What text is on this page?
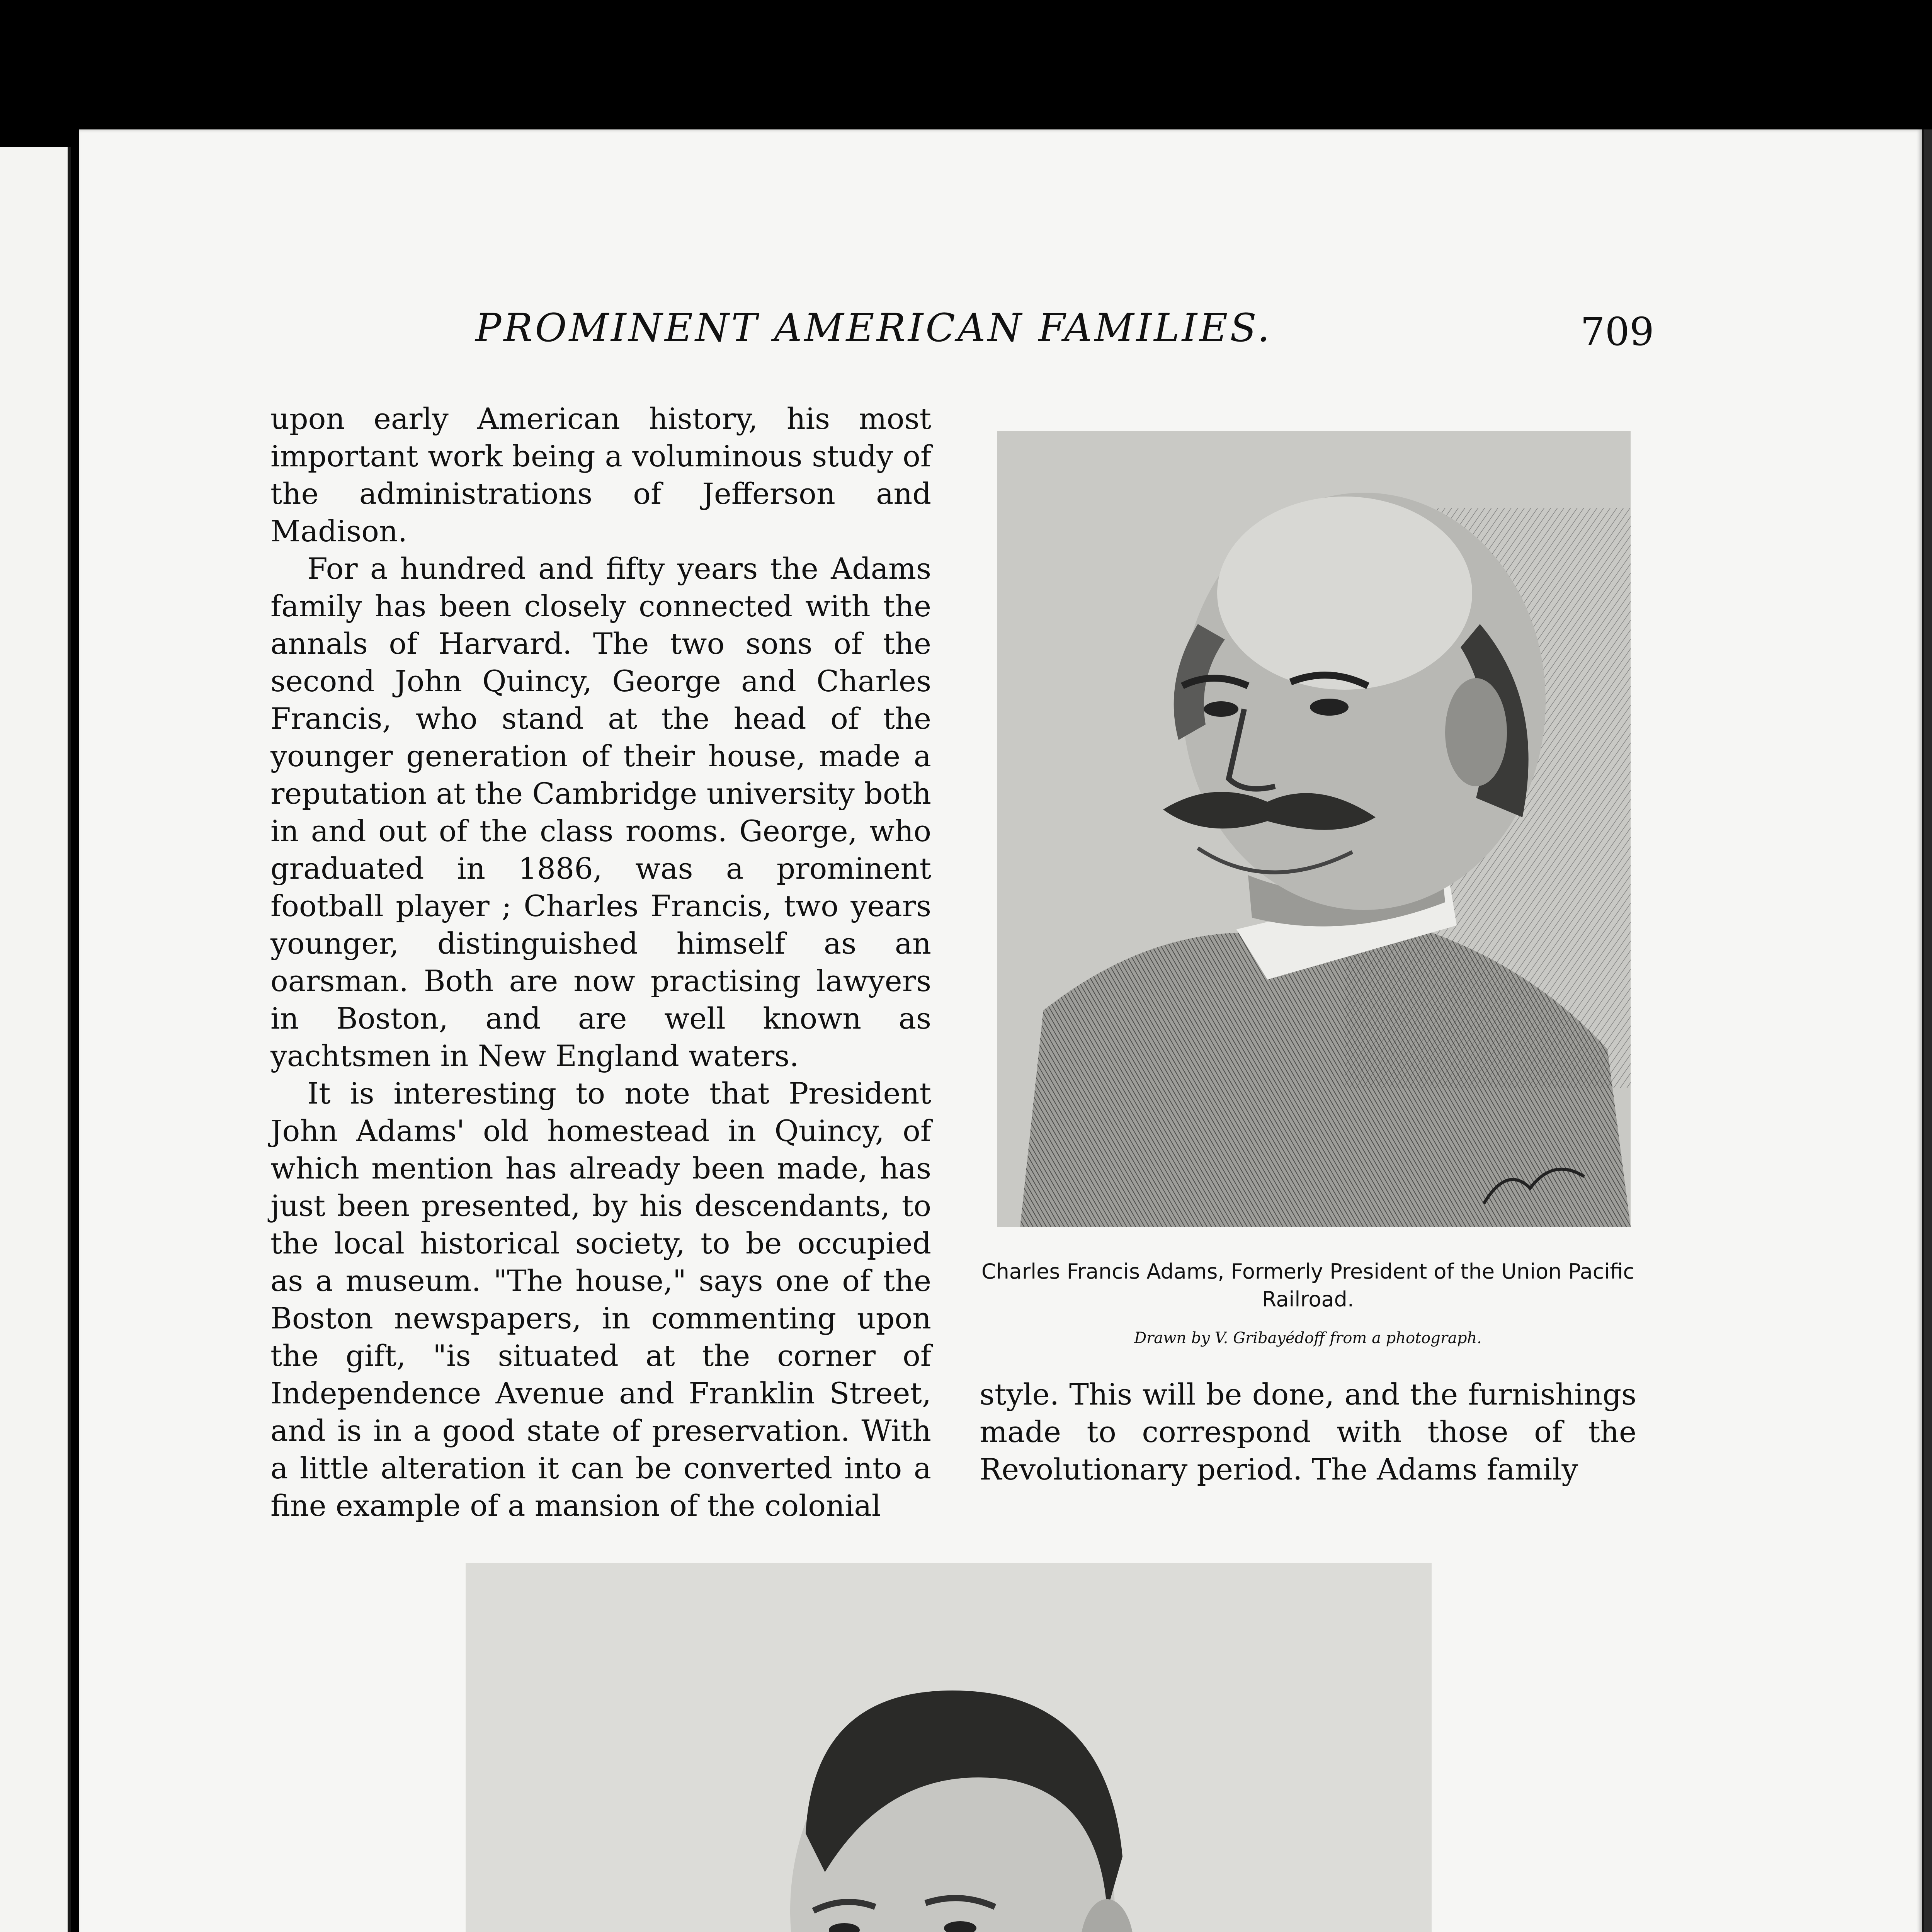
PROMINENT AMERICAN FAMILIES.	709

upon early American history, his most important work being a voluminous study of the administrations of Jefferson and Madison.

For a hundred and fifty years the Adams family has been closely connected with the annals of Harvard. The two sons of the second John Quincy, George and Charles Francis, who stand at the head of the younger generation of their house, made a reputation at the Cambridge university both in and out of the class rooms. George, who graduated in 1886, was a prominent football player ; Charles Francis, two years younger, distinguished himself as an oarsman. Both are now practising lawyers in Boston, and are well known as yachtsmen in New England waters.

It is interesting to note that President John Adams' old homestead in Quincy, of which mention has already been made, has just been presented, by his descendants, to the local historical society, to be occupied as a museum. "The house," says one of the Boston newspapers, in commenting upon the gift, "is situated at the corner of Independence Avenue and Franklin Street, and is in a good state of preservation. With a little alteration it can be converted into a fine example of a mansion of the colonial

Charles Francis Adams, Formerly President of the Union Pacific Railroad.
Drawn by V. Gribayédoff from a photograph.

style. This will be done, and the furnishings made to correspond with those of the Revolutionary period. The Adams family
